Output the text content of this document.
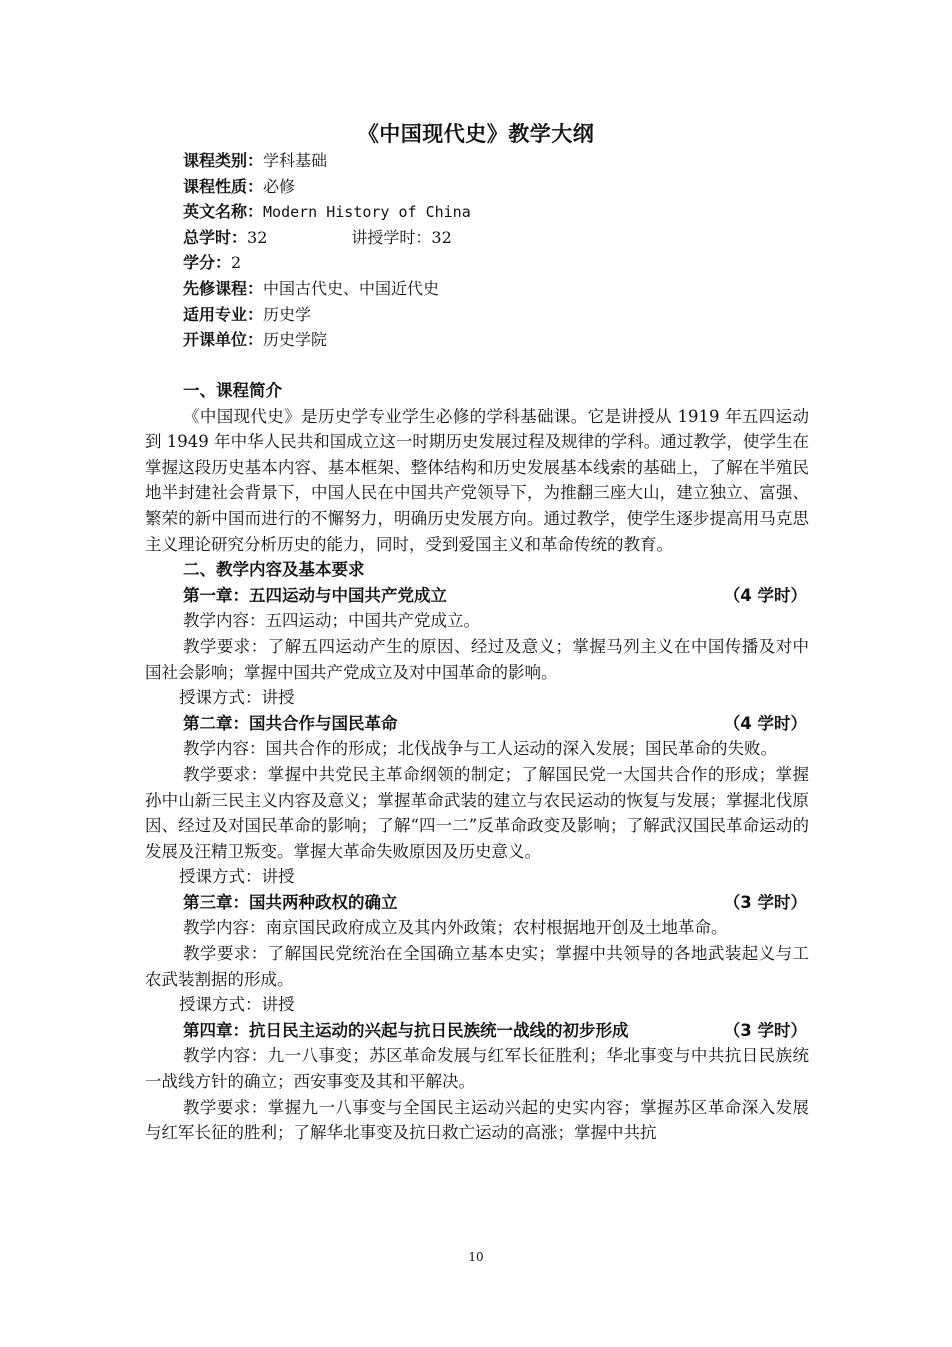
《中国现代史》教学大纲
课程类别：学科基础
课程性质：必修
英文名称：Modern History of China
总学时：32	讲授学时：32
学分：2
先修课程：中国古代史、中国近代史
适用专业：历史学
开课单位：历史学院

一、课程简介

《中国现代史》是历史学专业学生必修的学科基础课。它是讲授从 1919 年五四运动到 1949 年中华人民共和国成立这一时期历史发展过程及规律的学科。通过教学，使学生在掌握这段历史基本内容、基本框架、整体结构和历史发展基本线索的基础上，了解在半殖民地半封建社会背景下，中国人民在中国共产党领导下，为推翻三座大山，建立独立、富强、繁荣的新中国而进行的不懈努力，明确历史发展方向。通过教学，使学生逐步提高用马克思主义理论研究分析历史的能力，同时，受到爱国主义和革命传统的教育。

二、教学内容及基本要求

第一章：五四运动与中国共产党成立	（4 学时）

教学内容：五四运动；中国共产党成立。

教学要求：了解五四运动产生的原因、经过及意义；掌握马列主义在中国传播及对中国社会影响；掌握中国共产党成立及对中国革命的影响。

授课方式：讲授

第二章：国共合作与国民革命	（4 学时）

教学内容：国共合作的形成；北伐战争与工人运动的深入发展；国民革命的失败。

教学要求：掌握中共党民主革命纲领的制定；了解国民党一大国共合作的形成；掌握孙中山新三民主义内容及意义；掌握革命武装的建立与农民运动的恢复与发展；掌握北伐原因、经过及对国民革命的影响；了解“四一二”反革命政变及影响；了解武汉国民革命运动的发展及汪精卫叛变。掌握大革命失败原因及历史意义。

授课方式：讲授

第三章：国共两种政权的确立	（3 学时）

教学内容：南京国民政府成立及其内外政策；农村根据地开创及土地革命。

教学要求：了解国民党统治在全国确立基本史实；掌握中共领导的各地武装起义与工农武装割据的形成。

授课方式：讲授

第四章：抗日民主运动的兴起与抗日民族统一战线的初步形成	（3 学时）

教学内容：九一八事变；苏区革命发展与红军长征胜利；华北事变与中共抗日民族统一战线方针的确立；西安事变及其和平解决。

教学要求：掌握九一八事变与全国民主运动兴起的史实内容；掌握苏区革命深入发展与红军长征的胜利；了解华北事变及抗日救亡运动的高涨；掌握中共抗

10
